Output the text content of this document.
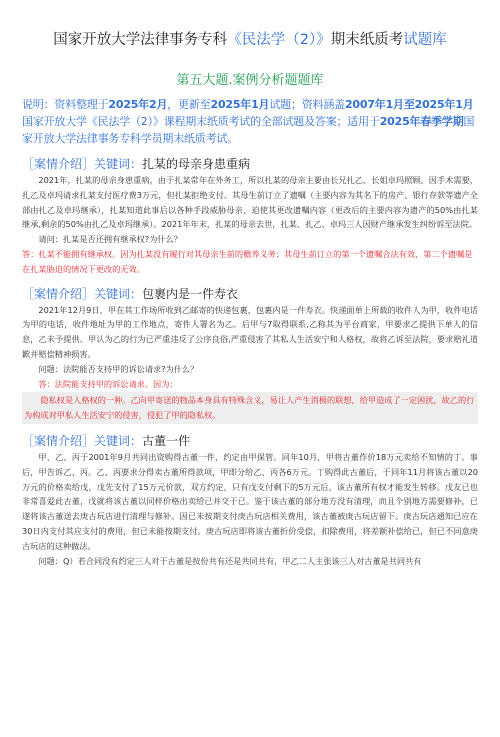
国家开放大学法律事务专科《民法学（2）》期末纸质考试题库
第五大题.案例分析题题库
说明：资料整理于2025年2月，更新至2025年1月试题；资料涵盖2007年1月至2025年1月国家开放大学《民法学（2）》课程期末纸质考试的全部试题及答案；适用于2025年春季学期国家开放大学法律事务专科学员期末纸质考试。
［案情介绍］关键词：扎某的母亲身患重病
2021年，扎某的母亲身患重病，由于扎某常年在外务工，所以扎某的母亲主要由长兄扎乙、长姐卓玛照顾。因手术需要，扎乙及卓玛请求扎某支付医疗费3万元，但扎某拒绝支付。其母生前订立了遗嘱（主要内容为其名下的房产、银行存款等遗产全部由扎乙及卓玛继承），扎某知道此事后以各种手段威胁母亲，迫使其更改遗嘱内容（更改后的主要内容为遗产的50%由扎某继承,剩余的50%由扎乙及卓玛继承）。2021年年末，扎某的母亲去世，扎某、扎乙、卓玛三人因财产继承发生纠纷诉至法院。
请问：扎某是否还拥有继承权?为什么？
答：扎某不能拥有继承权。因为扎某没有履行对其母亲生前的赡养义务；其母生前订立的第一个遗嘱合法有效，第二个遗嘱是在扎某胁迫的情况下更改的无效。
［案情介绍］关键词：包裹内是一件寿衣
2021年12月9日，甲在其工作场所收到乙邮寄的快递包裹，包裹内是一件寿衣。快递面单上所载的收件人为甲，收件电话为甲的电话，收件地址为甲的工作地点，寄件人署名为乙。后甲与7取得联系,乙称其为平台商家，甲要求乙提供下单人的信息，乙未予提供。甲认为乙的行为已严重违反了公序良俗,严重侵害了其私人生活安宁和人格权，故将乙诉至法院，要求赔礼道歉并赔偿精神损害。
问题：法院能否支持甲的诉讼请求?为什么？
答：法院能支持甲的诉讼请求。因为：
隐私权是人格权的一种。乙向甲寄送的物品本身具有特殊含义，易让人产生消极的联想，给甲造成了一定困扰，故乙的行为构成对甲私人生活安宁的侵害，侵犯了甲的隐私权。
［案情介绍］关键词：古董一件
甲、乙、丙于2001年9月共同出资购得古董一件，约定由甲保管。同年10月，甲将古董作价18万元卖给不知情的丁。事后，甲告诉乙、丙。乙、丙要求分得卖古董所得款项，甲即分给乙、丙各6万元。丁购得此古董后，于同年11月将该古董以20万元的价格卖给戊，戊先支付了15万元价款，双方约定，只有戊支付剩下的5万元后，该古董所有权才能发生转移。戊友已也非常喜爱此古董，戊就将该古董以同样价格出卖给已并交于已。鉴于该古董的部分地方没有清理，而且个别地方需要修补，已遂将该古董送去庚古玩店进行清理与修补。因已未按期支付庚古玩店相关费用，该古董被庚古玩店留下。庚古玩店通知已应在30日内支付其应支付的费用，但已未能按期支付。庚古玩店即将该古董折价受偿，扣除费用，将差额补偿给已，但已不同意庚古玩店的这种做法。
问题：Q）若合同没有约定三人对于古董是按份共有还是共同共有，甲乙二人主张该三人对古董是共同共有
